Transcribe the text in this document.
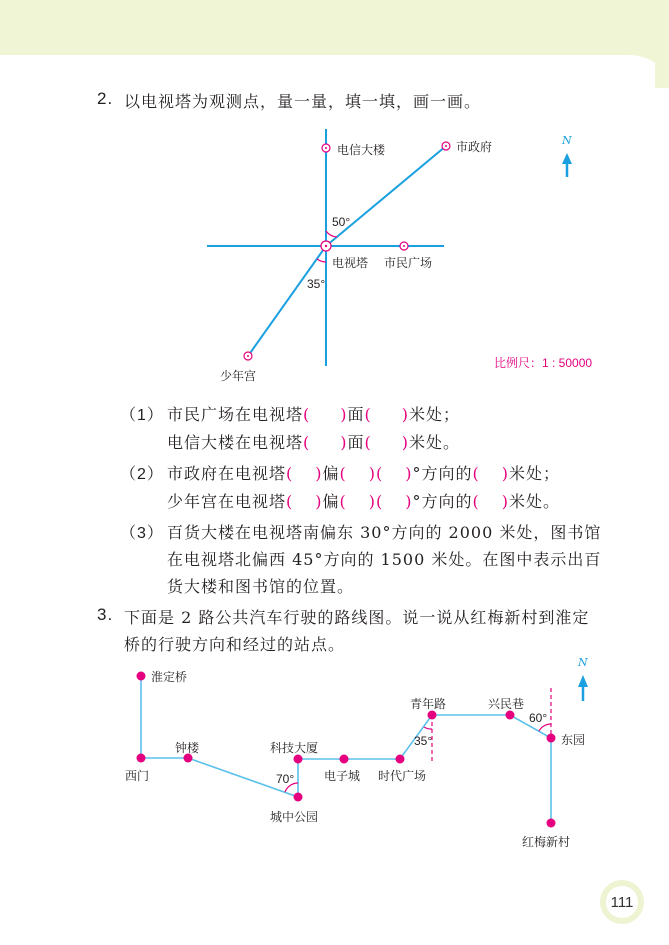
2. 以电视塔为观测点，量一量，填一填，画一画。
电信大楼	市政府
电视塔 市民广场
少年宫
50°
35°
N
比例尺：1 : 50000
（1） 市民广场在电视塔( )面( )米处；
电信大楼在电视塔( )面( )米处。
（2） 市政府在电视塔( )偏( )( )°方向的( )米处；
少年宫在电视塔( )偏( )( )°方向的( )米处。
（3） 百货大楼在电视塔南偏东 30°方向的 2000 米处，图书馆
在电视塔北偏西 45°方向的 1500 米处。在图中表示出百
货大楼和图书馆的位置。
3. 下面是 2 路公共汽车行驶的路线图。说一说从红梅新村到淮定
桥的行驶方向和经过的站点。
淮定桥
西门
钟楼
城中公园
科技大厦
电子城 时代广场
青年路	兴民巷
东园
红梅新村
70°
35°
60°
N
111
